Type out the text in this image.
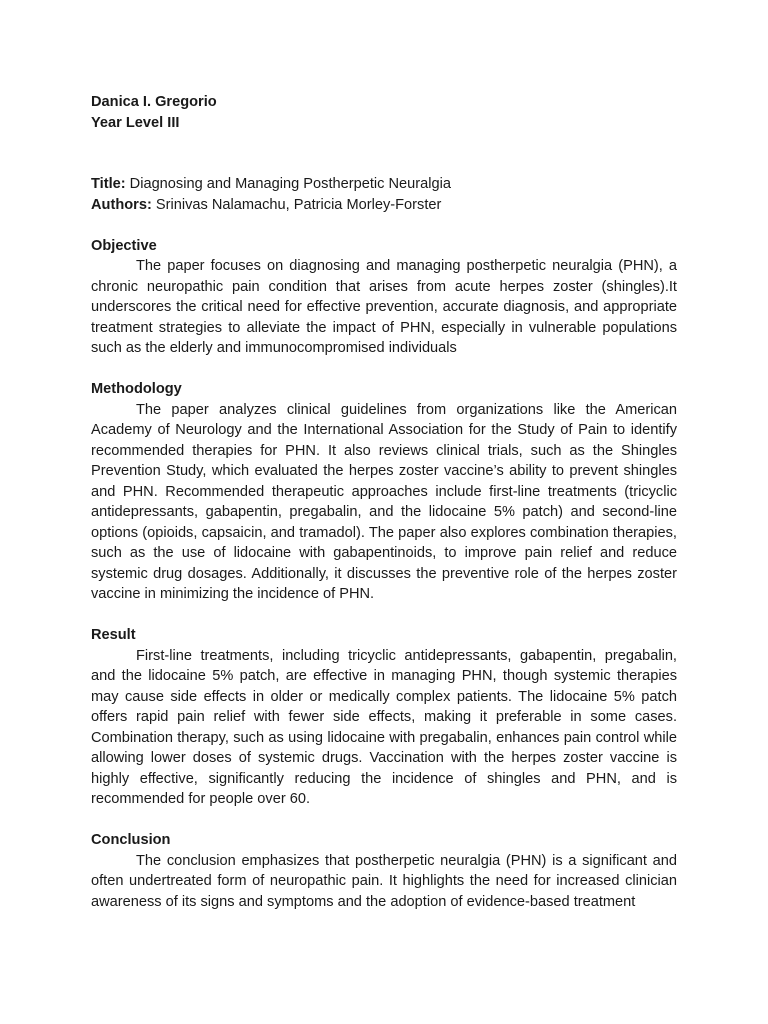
Danica I. Gregorio
Year Level III
Title: Diagnosing and Managing Postherpetic Neuralgia
Authors: Srinivas Nalamachu, Patricia Morley-Forster
Objective

The paper focuses on diagnosing and managing postherpetic neuralgia (PHN), a chronic neuropathic pain condition that arises from acute herpes zoster (shingles).It underscores the critical need for effective prevention, accurate diagnosis, and appropriate treatment strategies to alleviate the impact of PHN, especially in vulnerable populations such as the elderly and immunocompromised individuals

Methodology

The paper analyzes clinical guidelines from organizations like the American Academy of Neurology and the International Association for the Study of Pain to identify recommended therapies for PHN. It also reviews clinical trials, such as the Shingles Prevention Study, which evaluated the herpes zoster vaccine’s ability to prevent shingles and PHN. Recommended therapeutic approaches include first-line treatments (tricyclic antidepressants, gabapentin, pregabalin, and the lidocaine 5% patch) and second-line options (opioids, capsaicin, and tramadol). The paper also explores combination therapies, such as the use of lidocaine with gabapentinoids, to improve pain relief and reduce systemic drug dosages. Additionally, it discusses the preventive role of the herpes zoster vaccine in minimizing the incidence of PHN.

Result

First-line treatments, including tricyclic antidepressants, gabapentin, pregabalin, and the lidocaine 5% patch, are effective in managing PHN, though systemic therapies may cause side effects in older or medically complex patients. The lidocaine 5% patch offers rapid pain relief with fewer side effects, making it preferable in some cases. Combination therapy, such as using lidocaine with pregabalin, enhances pain control while allowing lower doses of systemic drugs. Vaccination with the herpes zoster vaccine is highly effective, significantly reducing the incidence of shingles and PHN, and is recommended for people over 60.

Conclusion

The conclusion emphasizes that postherpetic neuralgia (PHN) is a significant and often undertreated form of neuropathic pain. It highlights the need for increased clinician awareness of its signs and symptoms and the adoption of evidence-based treatment
